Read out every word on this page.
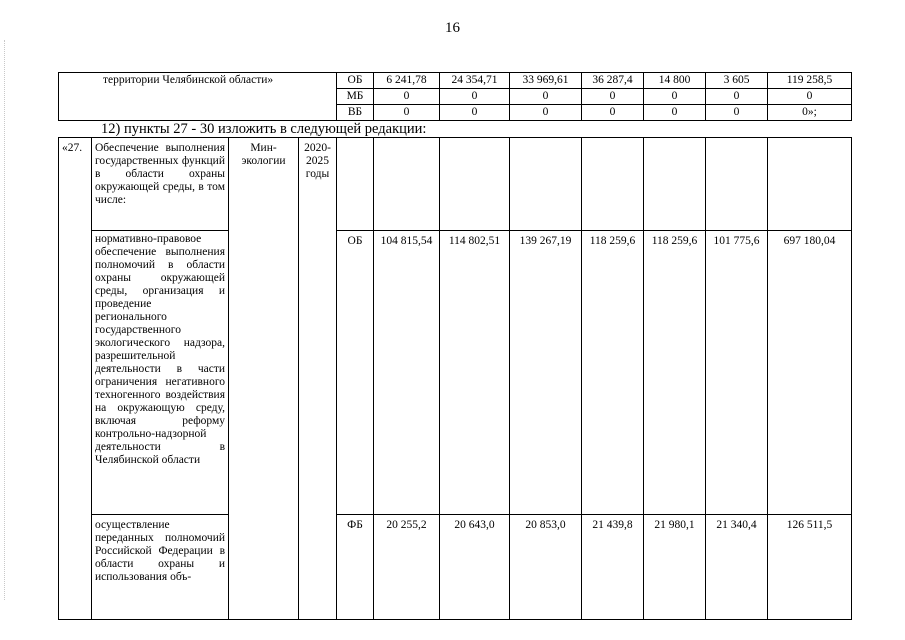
16
территории Челябинской области»	ОБ	6 241,78	24 354,71	33 969,61	36 287,4	14 800	3 605	119 258,5
	МБ	0	0	0	0	0	0	0
	ВБ	0	0	0	0	0	0	0»;
12) пункты 27 - 30 изложить в следующей редакции:
«27.	Обеспечение выполнения государственных функций в области охраны окружающей среды, в том числе:	Мин-экологии	2020-2025 годы								
	нормативно-правовое обеспечение выполнения полномочий в области охраны окружающей среды, организация и проведение регионального государственного экологического надзора, разрешительной деятельности в части ограничения негативного техногенного воздействия на окружающую среду, включая реформу контрольно-надзорной деятельности в Челябинской области			ОБ	104 815,54	114 802,51	139 267,19	118 259,6	118 259,6	101 775,6	697 180,04
	осуществление переданных полномочий Российской Федерации в области охраны и использования объ-			ФБ	20 255,2	20 643,0	20 853,0	21 439,8	21 980,1	21 340,4	126 511,5
